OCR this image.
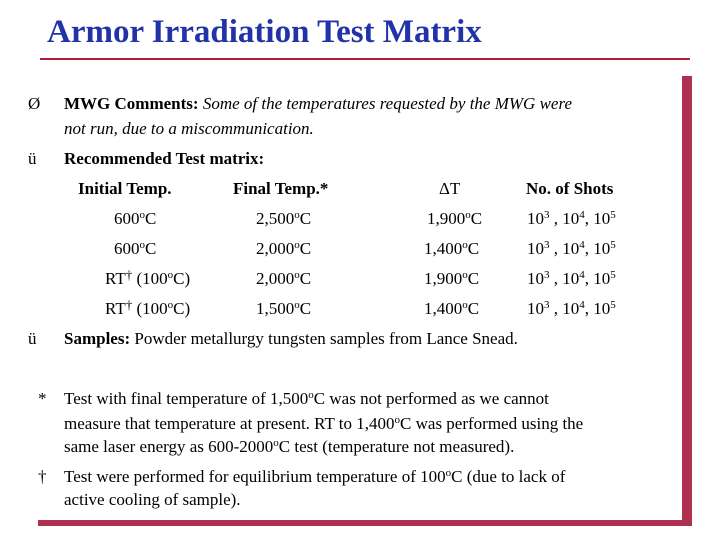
Armor Irradiation Test Matrix
Ø MWG Comments: Some of the temperatures requested by the MWG were
not run, due to a miscommunication.
ü Recommended Test matrix:
Initial Temp.	Final Temp.*	ΔT	No. of Shots
600$^o$C	2,500$^o$C	1,900$^o$C	$10^3$ , $10^4$, $10^5$
600$^o$C	2,000$^o$C	1,400$^o$C	$10^3$ , $10^4$, $10^5$
RT† (100$^o$C)	2,000$^o$C	1,900$^o$C	$10^3$ , $10^4$, $10^5$
RT† (100$^o$C)	1,500$^o$C	1,400$^o$C	$10^3$ , $10^4$, $10^5$
ü Samples: Powder metallurgy tungsten samples from Lance Snead.
* Test with final temperature of 1,500$^o$C was not performed as we cannot
measure that temperature at present. RT to 1,400$^o$C was performed using the
same laser energy as 600-2000$^o$C test (temperature not measured).
† Test were performed for equilibrium temperature of 100$^o$C (due to lack of
active cooling of sample).
